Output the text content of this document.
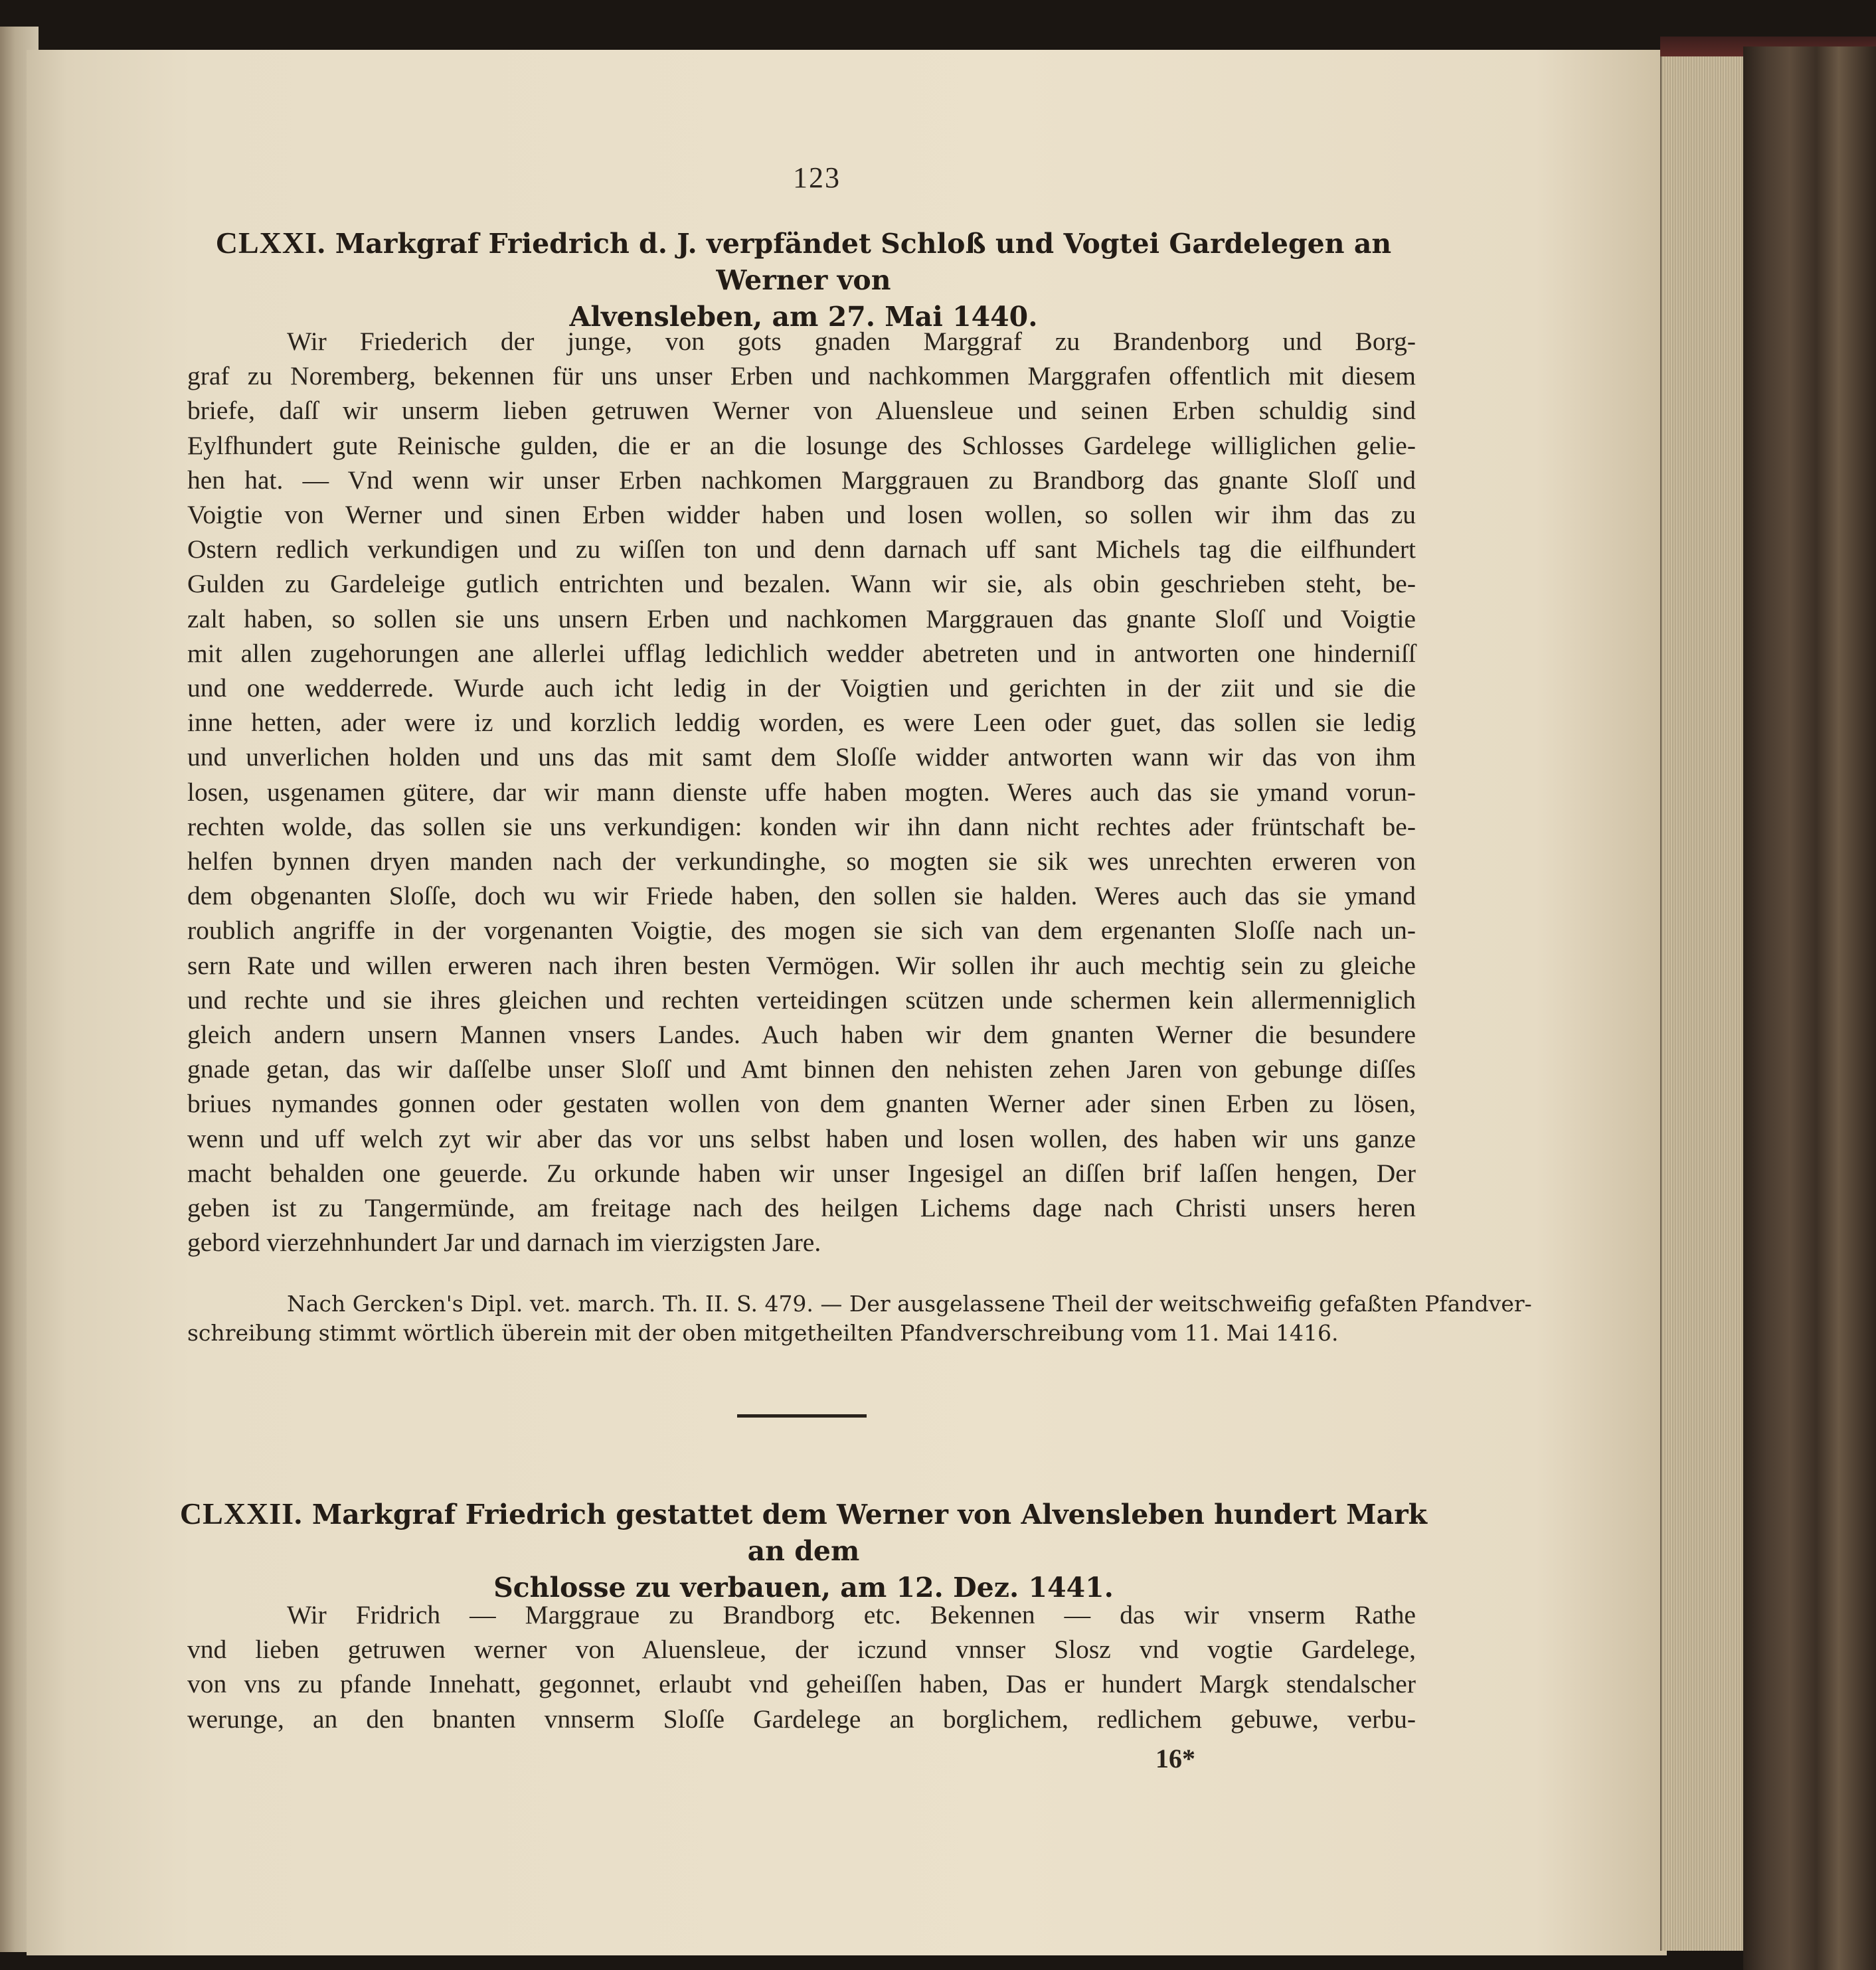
123
CLXXI. Markgraf Friedrich d. J. verpfändet Schloß und Vogtei Gardelegen an Werner von
Alvensleben, am 27. Mai 1440.
Wir Friederich der junge, von gots gnaden Marggraf zu Brandenborg und Borg-
graf zu Noremberg, bekennen für uns unser Erben und nachkommen Marggrafen offentlich mit diesem
briefe, daſſ wir unserm lieben getruwen Werner von Aluensleue und seinen Erben schuldig sind
Eylfhundert gute Reinische gulden, die er an die losunge des Schlosses Gardelege williglichen gelie-
hen hat. — Vnd wenn wir unser Erben nachkomen Marggrauen zu Brandborg das gnante Sloſſ und
Voigtie von Werner und sinen Erben widder haben und losen wollen, so sollen wir ihm das zu
Ostern redlich verkundigen und zu wiſſen ton und denn darnach uff sant Michels tag die eilfhundert
Gulden zu Gardeleige gutlich entrichten und bezalen. Wann wir sie, als obin geschrieben steht, be-
zalt haben, so sollen sie uns unsern Erben und nachkomen Marggrauen das gnante Sloſſ und Voigtie
mit allen zugehorungen ane allerlei ufflag ledichlich wedder abetreten und in antworten one hinderniſſ
und one wedderrede. Wurde auch icht ledig in der Voigtien und gerichten in der ziit und sie die
inne hetten, ader were iz und korzlich leddig worden, es were Leen oder guet, das sollen sie ledig
und unverlichen holden und uns das mit samt dem Sloſſe widder antworten wann wir das von ihm
losen, usgenamen gütere, dar wir mann dienste uffe haben mogten. Weres auch das sie ymand vorun-
rechten wolde, das sollen sie uns verkundigen: konden wir ihn dann nicht rechtes ader früntschaft be-
helfen bynnen dryen manden nach der verkundinghe, so mogten sie sik wes unrechten erweren von
dem obgenanten Sloſſe, doch wu wir Friede haben, den sollen sie halden. Weres auch das sie ymand
roublich angriffe in der vorgenanten Voigtie, des mogen sie sich van dem ergenanten Sloſſe nach un-
sern Rate und willen erweren nach ihren besten Vermögen. Wir sollen ihr auch mechtig sein zu gleiche
und rechte und sie ihres gleichen und rechten verteidingen scützen unde schermen kein allermenniglich
gleich andern unsern Mannen vnsers Landes. Auch haben wir dem gnanten Werner die besundere
gnade getan, das wir daſſelbe unser Sloſſ und Amt binnen den nehisten zehen Jaren von gebunge diſſes
briues nymandes gonnen oder gestaten wollen von dem gnanten Werner ader sinen Erben zu lösen,
wenn und uff welch zyt wir aber das vor uns selbst haben und losen wollen, des haben wir uns ganze
macht behalden one geuerde. Zu orkunde haben wir unser Ingesigel an diſſen brif laſſen hengen, Der
geben ist zu Tangermünde, am freitage nach des heilgen Lichems dage nach Christi unsers heren
gebord vierzehnhundert Jar und darnach im vierzigsten Jare.
Nach Gercken's Dipl. vet. march. Th. II. S. 479. — Der ausgelassene Theil der weitschweifig gefaßten Pfandver-
schreibung stimmt wörtlich überein mit der oben mitgetheilten Pfandverschreibung vom 11. Mai 1416.
CLXXII. Markgraf Friedrich gestattet dem Werner von Alvensleben hundert Mark an dem
Schlosse zu verbauen, am 12. Dez. 1441.
Wir Fridrich — Marggraue zu Brandborg etc. Bekennen — das wir vnserm Rathe
vnd lieben getruwen werner von Aluensleue, der iczund vnnser Slosz vnd vogtie Gardelege,
von vns zu pfande Innehatt, gegonnet, erlaubt vnd geheiſſen haben, Das er hundert Margk stendalscher
werunge, an den bnanten vnnserm Sloſſe Gardelege an borglichem, redlichem gebuwe, verbu-
16*
